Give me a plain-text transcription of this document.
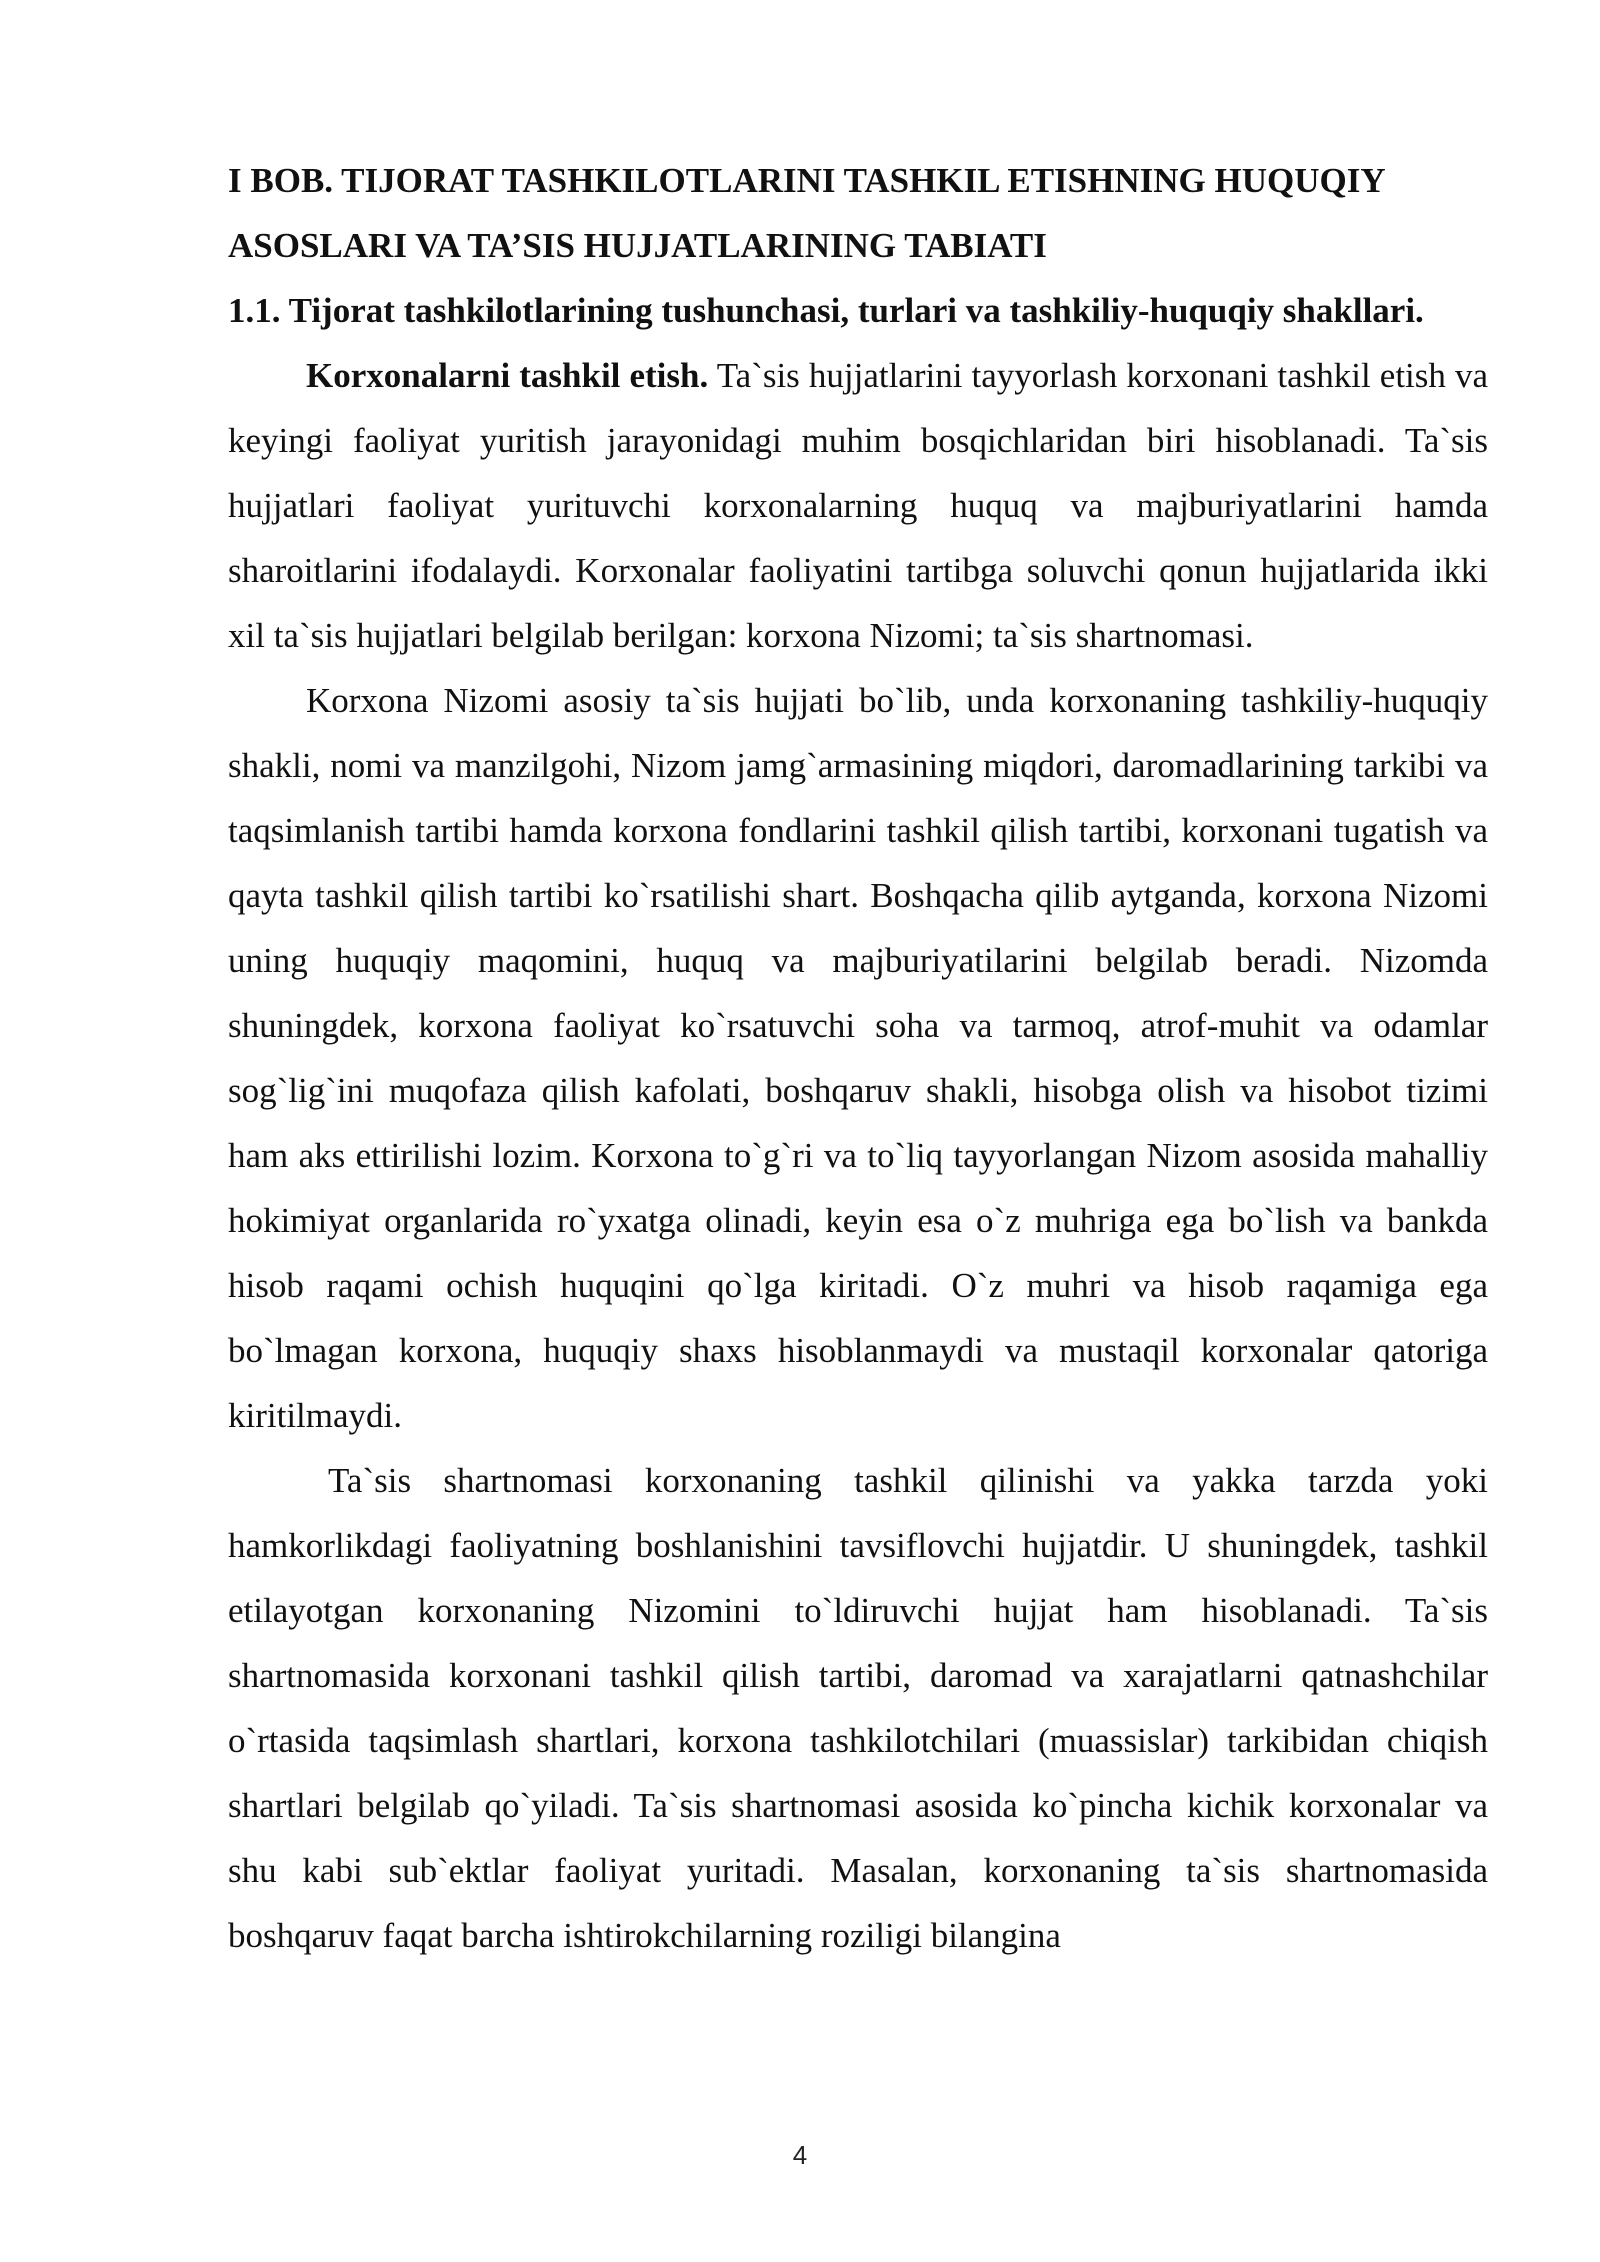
I BOB. TIJORAT TASHKILOTLARINI TASHKIL ETISHNING HUQUQIY ASOSLARI VA TA’SIS HUJJATLARINING TABIATI

1.1. Tijorat tashkilotlarining tushunchasi, turlari va tashkiliy-huquqiy shakllari.

Korxonalarni tashkil etish. Ta`sis hujjatlarini tayyorlash korxonani tashkil etish va keyingi faoliyat yuritish jarayonidagi muhim bosqichlaridan biri hisoblanadi. Ta`sis hujjatlari faoliyat yurituvchi korxonalarning huquq va majburiyatlarini hamda sharoitlarini ifodalaydi. Korxonalar faoliyatini tartibga soluvchi qonun hujjatlarida ikki xil ta`sis hujjatlari belgilab berilgan: korxona Nizomi; ta`sis shartnomasi.

Korxona Nizomi asosiy ta`sis hujjati bo`lib, unda korxonaning tashkiliy-huquqiy shakli, nomi va manzilgohi, Nizom jamg`armasining miqdori, daromadlarining tarkibi va taqsimlanish tartibi hamda korxona fondlarini tashkil qilish tartibi, korxonani tugatish va qayta tashkil qilish tartibi ko`rsatilishi shart. Boshqacha qilib aytganda, korxona Nizomi uning huquqiy maqomini, huquq va majburiyatilarini belgilab beradi. Nizomda shuningdek, korxona faoliyat ko`rsatuvchi soha va tarmoq, atrof-muhit va odamlar sog`lig`ini muqofaza qilish kafolati, boshqaruv shakli, hisobga olish va hisobot tizimi ham aks ettirilishi lozim. Korxona to`g`ri va to`liq tayyorlangan Nizom asosida mahalliy hokimiyat organlarida ro`yxatga olinadi, keyin esa o`z muhriga ega bo`lish va bankda hisob raqami ochish huquqini qo`lga kiritadi. O`z muhri va hisob raqamiga ega bo`lmagan korxona, huquqiy shaxs hisoblanmaydi va mustaqil korxonalar qatoriga kiritilmaydi.

Ta`sis shartnomasi korxonaning tashkil qilinishi va yakka tarzda yoki hamkorlikdagi faoliyatning boshlanishini tavsiflovchi hujjatdir. U shuningdek, tashkil etilayotgan korxonaning Nizomini to`ldiruvchi hujjat ham hisoblanadi. Ta`sis shartnomasida korxonani tashkil qilish tartibi, daromad va xarajatlarni qatnashchilar o`rtasida taqsimlash shartlari, korxona tashkilotchilari (muassislar) tarkibidan chiqish shartlari belgilab qo`yiladi. Ta`sis shartnomasi asosida ko`pincha kichik korxonalar va shu kabi sub`ektlar faoliyat yuritadi. Masalan, korxonaning ta`sis shartnomasida boshqaruv faqat barcha ishtirokchilarning roziligi bilangina

4
